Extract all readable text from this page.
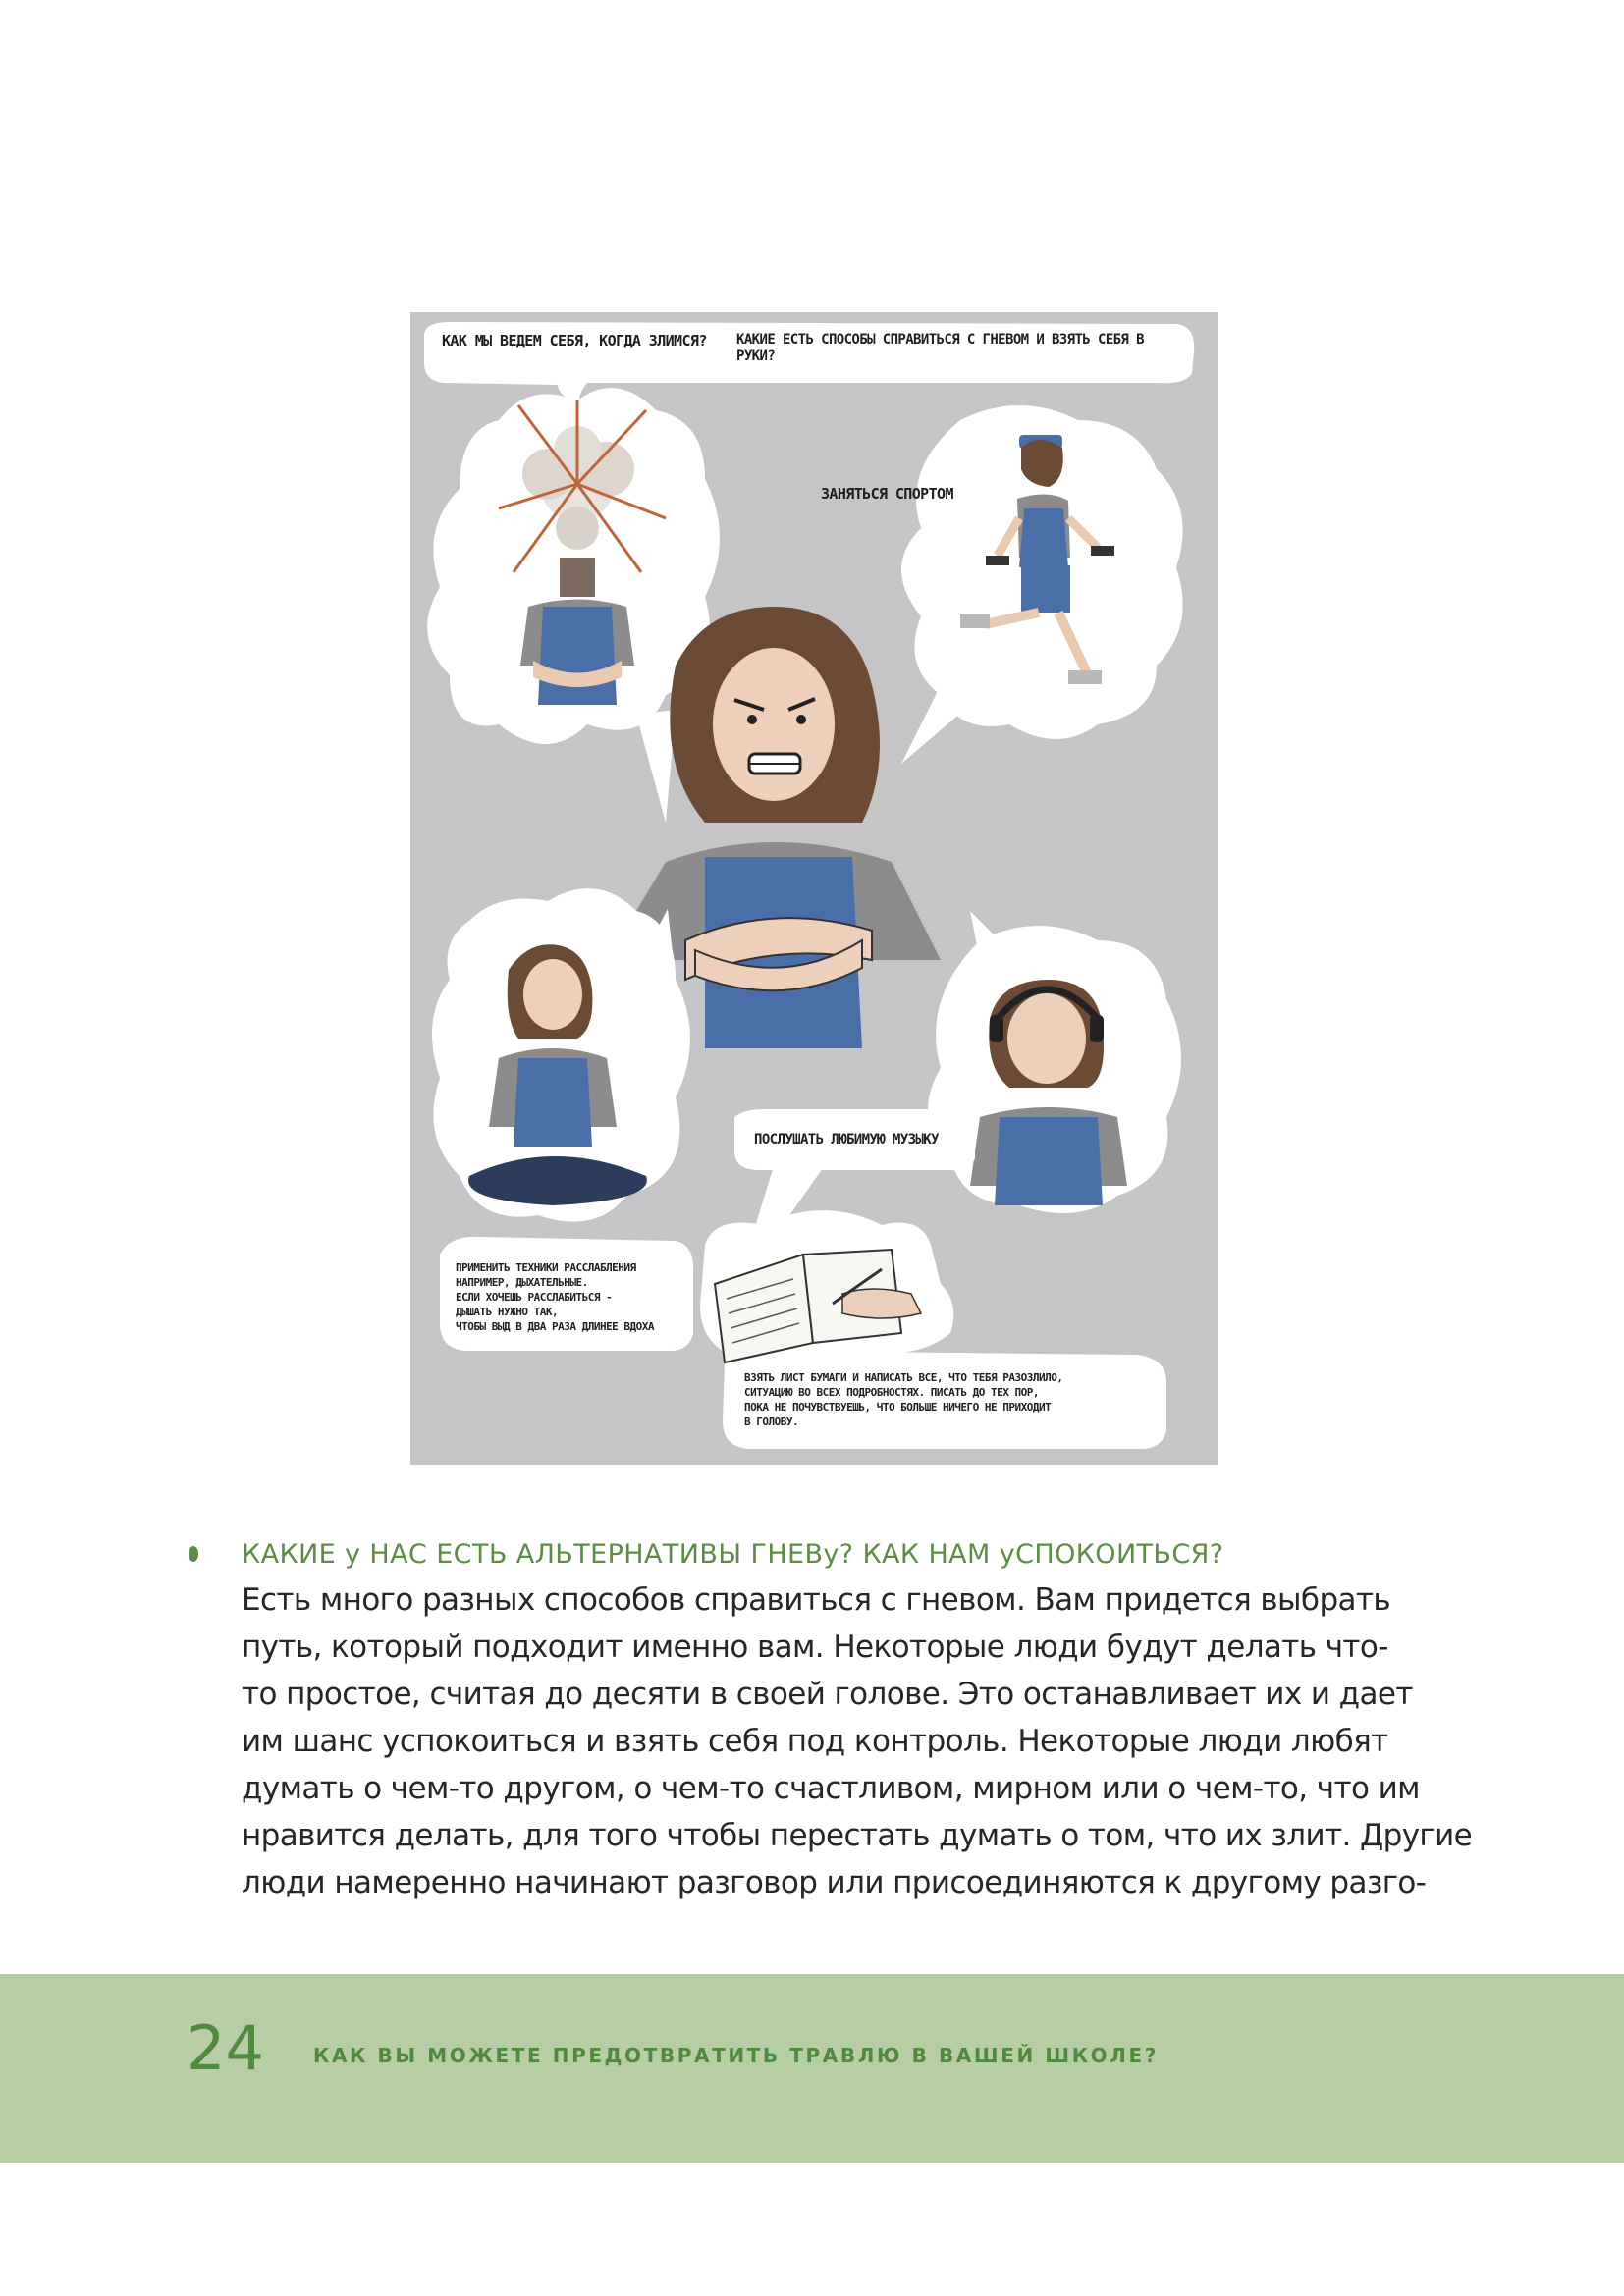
КАК МЫ ВЕДЕМ СЕБЯ, КОГДА ЗЛИМСЯ?	КАКИЕ ЕСТЬ СПОСОБЫ СПРАВИТЬСЯ С ГНЕВОМ И ВЗЯТЬ СЕБЯ В РУКИ?
ЗАНЯТЬСЯ СПОРТОМ
ПОСЛУШАТЬ ЛЮБИМУЮ МУЗЫКУ
ПРИМЕНИТЬ ТЕХНИКИ РАССЛАБЛЕНИЯ
НАПРИМЕР, ДЫХАТЕЛЬНЫЕ.
ЕСЛИ ХОЧЕШЬ РАССЛАБИТЬСЯ -
ДЫШАТЬ НУЖНО ТАК,
ЧТОБЫ ВЫД В ДВА РАЗА ДЛИНЕЕ ВДОХА
ВЗЯТЬ ЛИСТ БУМАГИ И НАПИСАТЬ ВСЕ, ЧТО ТЕБЯ РАЗОЗЛИЛО,
СИТУАЦИЮ ВО ВСЕХ ПОДРОБНОСТЯХ. ПИСАТЬ ДО ТЕХ ПОР,
ПОКА НЕ ПОЧУВСТВУЕШЬ, ЧТО БОЛЬШЕ НИЧЕГО НЕ ПРИХОДИТ
В ГОЛОВУ.
КАКИЕ у НАС ЕСТЬ АЛЬТЕРНАТИВЫ ГНЕВу? КАК НАМ уСПОКОИТЬСЯ?
Есть много разных способов справиться с гневом. Вам придется выбрать
путь, который подходит именно вам. Некоторые люди будут делать что-
то простое, считая до десяти в своей голове. Это останавливает их и дает
им шанс успокоиться и взять себя под контроль. Некоторые люди любят
думать о чем-то другом, о чем-то счастливом, мирном или о чем-то, что им
нравится делать, для того чтобы перестать думать о том, что их злит. Другие
люди намеренно начинают разговор или присоединяются к другому разго-
24	КАК ВЫ МОЖЕТЕ ПРЕДОТВРАТИТЬ ТРАВЛЮ В ВАШЕЙ ШКОЛЕ?
